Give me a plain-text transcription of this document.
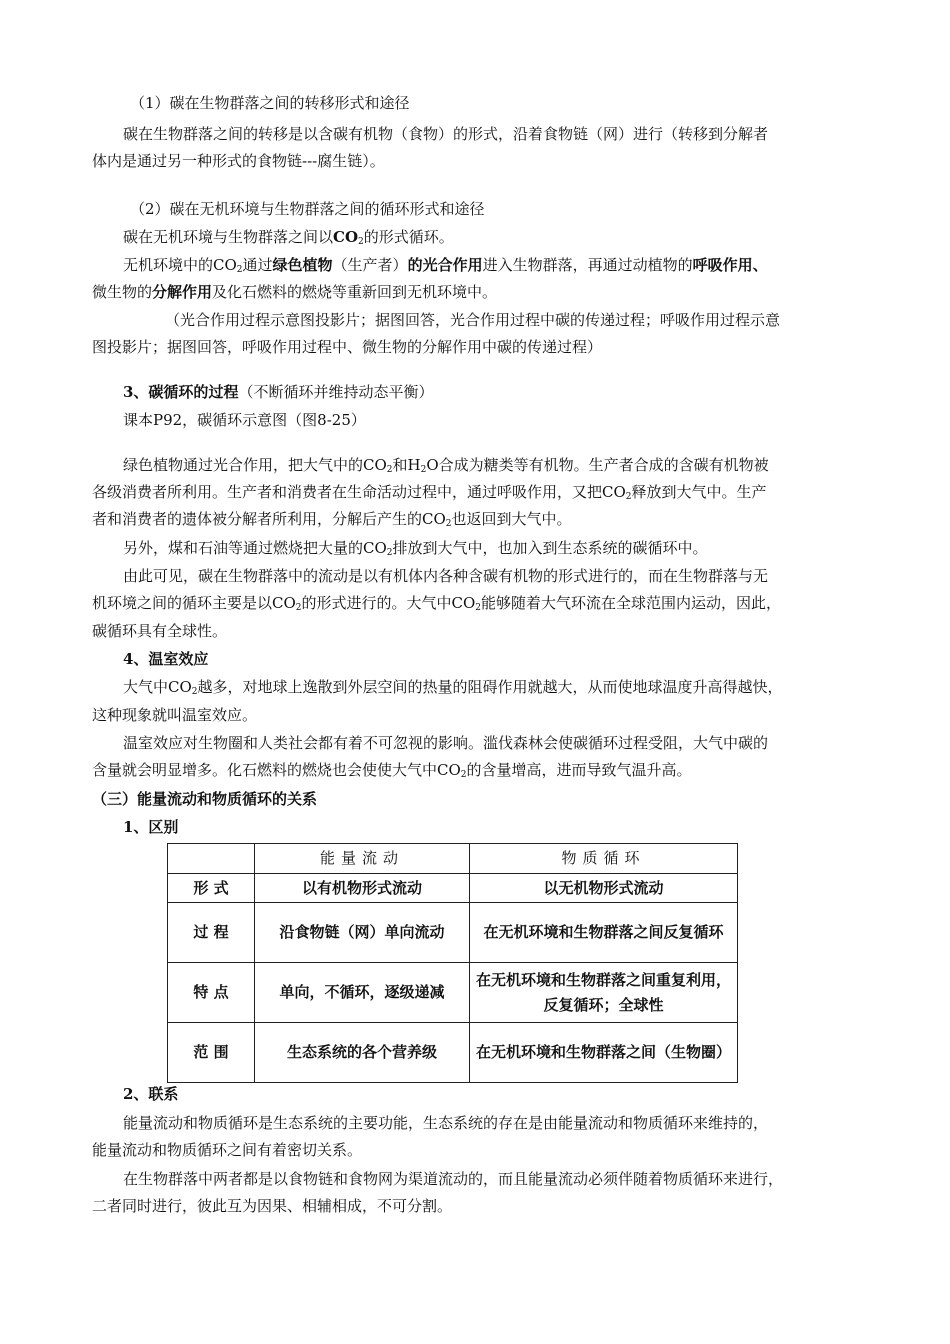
（1）碳在生物群落之间的转移形式和途径
碳在生物群落之间的转移是以含碳有机物（食物）的形式，沿着食物链（网）进行（转移到分解者
体内是通过另一种形式的食物链---腐生链）。
（2）碳在无机环境与生物群落之间的循环形式和途径
碳在无机环境与生物群落之间以$CO_2$的形式循环。
无机环境中的$CO_2$通过绿色植物（生产者）的光合作用进入生物群落，再通过动植物的呼吸作用、
微生物的分解作用及化石燃料的燃烧等重新回到无机环境中。
（光合作用过程示意图投影片；据图回答，光合作用过程中碳的传递过程；呼吸作用过程示意
图投影片；据图回答，呼吸作用过程中、微生物的分解作用中碳的传递过程）
3、碳循环的过程（不断循环并维持动态平衡）
课本P92，碳循环示意图（图8-25）
绿色植物通过光合作用，把大气中的$CO_2$和$H_2O$合成为糖类等有机物。生产者合成的含碳有机物被
各级消费者所利用。生产者和消费者在生命活动过程中，通过呼吸作用，又把$CO_2$释放到大气中。生产
者和消费者的遗体被分解者所利用，分解后产生的$CO_2$也返回到大气中。
另外，煤和石油等通过燃烧把大量的$CO_2$排放到大气中，也加入到生态系统的碳循环中。
由此可见，碳在生物群落中的流动是以有机体内各种含碳有机物的形式进行的，而在生物群落与无
机环境之间的循环主要是以$CO_2$的形式进行的。大气中$CO_2$能够随着大气环流在全球范围内运动，因此，
碳循环具有全球性。
4、温室效应
大气中$CO_2$越多，对地球上逸散到外层空间的热量的阻碍作用就越大，从而使地球温度升高得越快，
这种现象就叫温室效应。
温室效应对生物圈和人类社会都有着不可忽视的影响。滥伐森林会使碳循环过程受阻，大气中碳的
含量就会明显增多。化石燃料的燃烧也会使使大气中$CO_2$的含量增高，进而导致气温升高。
（三）能量流动和物质循环的关系
1、区别
	能量流动	物质循环
形 式	以有机物形式流动	以无机物形式流动
过 程	沿食物链（网）单向流动	在无机环境和生物群落之间反复循环
特 点	单向，不循环，逐级递减	在无机环境和生物群落之间重复利用，反复循环；全球性
范 围	生态系统的各个营养级	在无机环境和生物群落之间（生物圈）
2、联系
能量流动和物质循环是生态系统的主要功能，生态系统的存在是由能量流动和物质循环来维持的，
能量流动和物质循环之间有着密切关系。
在生物群落中两者都是以食物链和食物网为渠道流动的，而且能量流动必须伴随着物质循环来进行，
二者同时进行，彼此互为因果、相辅相成，不可分割。
